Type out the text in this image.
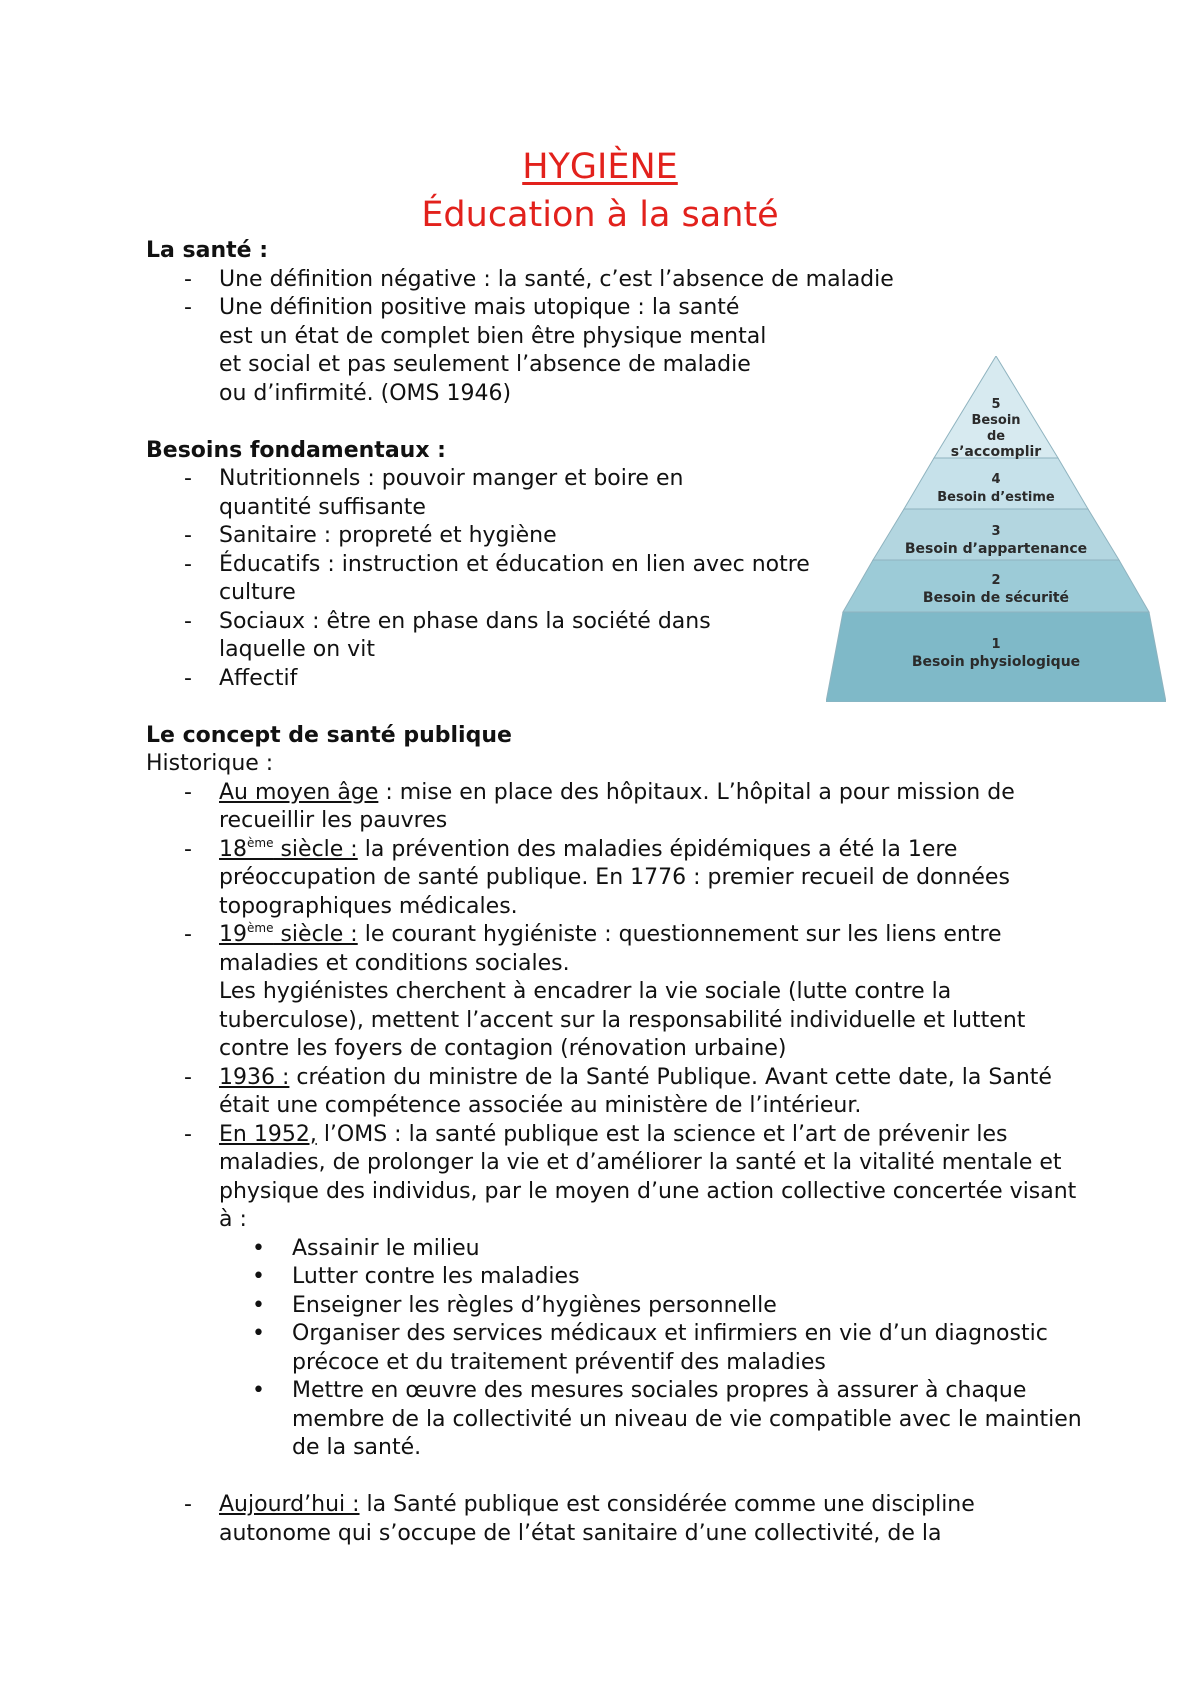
HYGIÈNE
Éducation à la santé
5
Besoin
de
s’accomplir
4
Besoin d’estime
3
Besoin d’appartenance
2
Besoin de sécurité
1
Besoin physiologique

La santé :

- Une définition négative : la santé, c’est l’absence de maladie
- Une définition positive mais utopique : la santé est un état de complet bien être physique mental et social et pas seulement l’absence de maladie ou d’infirmité. (OMS 1946)

Besoins fondamentaux :

- Nutritionnels : pouvoir manger et boire en quantité suffisante
- Sanitaire : propreté et hygiène
- Éducatifs : instruction et éducation en lien avec notre culture
- Sociaux : être en phase dans la société dans laquelle on vit
- Affectif

Le concept de santé publique

Historique :

- Au moyen âge : mise en place des hôpitaux. L’hôpital a pour mission de recueillir les pauvres
- 18ème siècle : la prévention des maladies épidémiques a été la 1ere préoccupation de santé publique. En 1776 : premier recueil de données topographiques médicales.
- 19ème siècle : le courant hygiéniste : questionnement sur les liens entre maladies et conditions sociales.
Les hygiénistes cherchent à encadrer la vie sociale (lutte contre la tuberculose), mettent l’accent sur la responsabilité individuelle et luttent contre les foyers de contagion (rénovation urbaine)
- 1936 : création du ministre de la Santé Publique. Avant cette date, la Santé était une compétence associée au ministère de l’intérieur.
- En 1952, l’OMS : la santé publique est la science et l’art de prévenir les maladies, de prolonger la vie et d’améliorer la santé et la vitalité mentale et physique des individus, par le moyen d’une action collective concertée visant à :
• Assainir le milieu
• Lutter contre les maladies
• Enseigner les règles d’hygiènes personnelle
• Organiser des services médicaux et infirmiers en vie d’un diagnostic précoce et du traitement préventif des maladies
• Mettre en œuvre des mesures sociales propres à assurer à chaque membre de la collectivité un niveau de vie compatible avec le maintien de la santé.
- Aujourd’hui : la Santé publique est considérée comme une discipline autonome qui s’occupe de l’état sanitaire d’une collectivité, de la
